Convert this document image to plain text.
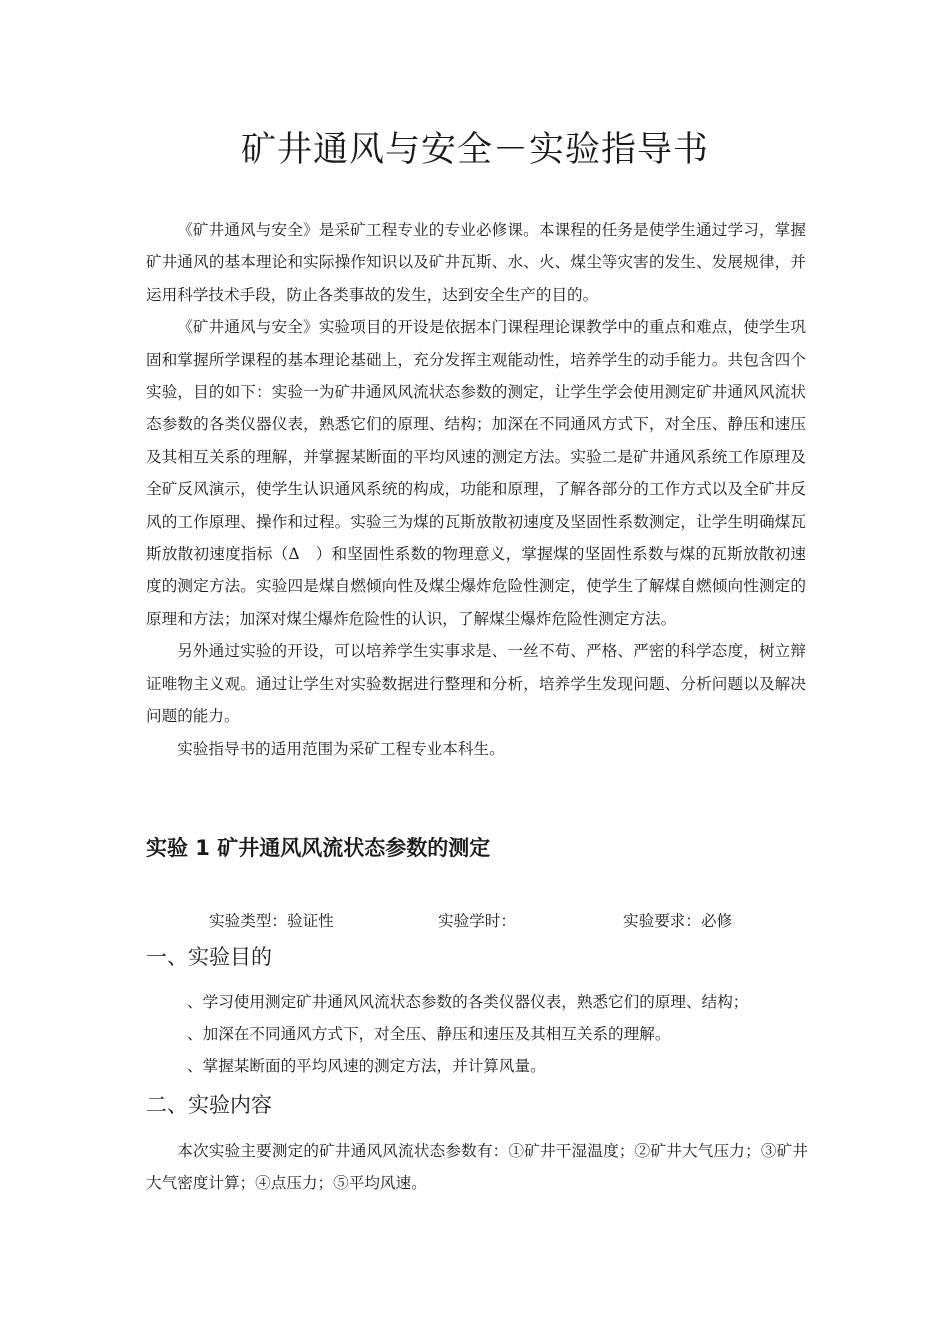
矿井通风与安全－实验指导书

《矿井通风与安全》是采矿工程专业的专业必修课。本课程的任务是使学生通过学习，掌握矿井通风的基本理论和实际操作知识以及矿井瓦斯、水、火、煤尘等灾害的发生、发展规律，并运用科学技术手段，防止各类事故的发生，达到安全生产的目的。

《矿井通风与安全》实验项目的开设是依据本门课程理论课教学中的重点和难点，使学生巩固和掌握所学课程的基本理论基础上，充分发挥主观能动性，培养学生的动手能力。共包含四个实验，目的如下：实验一为矿井通风风流状态参数的测定，让学生学会使用测定矿井通风风流状态参数的各类仪器仪表，熟悉它们的原理、结构；加深在不同通风方式下，对全压、静压和速压及其相互关系的理解，并掌握某断面的平均风速的测定方法。实验二是矿井通风系统工作原理及全矿反风演示，使学生认识通风系统的构成，功能和原理，了解各部分的工作方式以及全矿井反风的工作原理、操作和过程。实验三为煤的瓦斯放散初速度及坚固性系数测定，让学生明确煤瓦斯放散初速度指标（Δ　）和坚固性系数的物理意义，掌握煤的坚固性系数与煤的瓦斯放散初速度的测定方法。实验四是煤自燃倾向性及煤尘爆炸危险性测定，使学生了解煤自燃倾向性测定的原理和方法；加深对煤尘爆炸危险性的认识，了解煤尘爆炸危险性测定方法。

另外通过实验的开设，可以培养学生实事求是、一丝不苟、严格、严密的科学态度，树立辩证唯物主义观。通过让学生对实验数据进行整理和分析，培养学生发现问题、分析问题以及解决问题的能力。

实验指导书的适用范围为采矿工程专业本科生。

实验 1 矿井通风风流状态参数的测定
实验类型：验证性	实验学时：	实验要求：必修
一、实验目的
、学习使用测定矿井通风风流状态参数的各类仪器仪表，熟悉它们的原理、结构；
、加深在不同通风方式下，对全压、静压和速压及其相互关系的理解。
、掌握某断面的平均风速的测定方法，并计算风量。
二、实验内容

本次实验主要测定的矿井通风风流状态参数有：①矿井干湿温度；②矿井大气压力；③矿井大气密度计算；④点压力；⑤平均风速。
